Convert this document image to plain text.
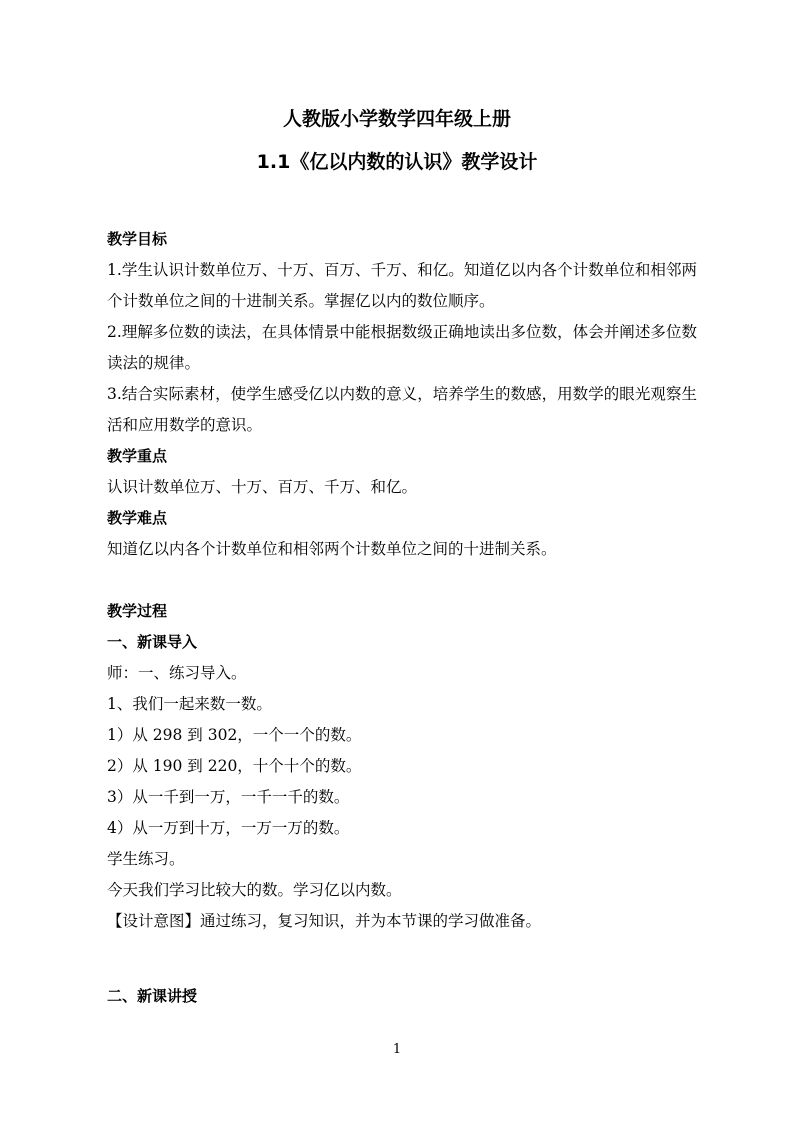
人教版小学数学四年级上册
1.1《亿以内数的认识》教学设计

教学目标

1.学生认识计数单位万、十万、百万、千万、和亿。知道亿以内各个计数单位和相邻两个计数单位之间的十进制关系。掌握亿以内的数位顺序。

2.理解多位数的读法，在具体情景中能根据数级正确地读出多位数，体会并阐述多位数读法的规律。

3.结合实际素材，使学生感受亿以内数的意义，培养学生的数感，用数学的眼光观察生活和应用数学的意识。

教学重点

认识计数单位万、十万、百万、千万、和亿。

教学难点

知道亿以内各个计数单位和相邻两个计数单位之间的十进制关系。

教学过程

一、新课导入

师：一、练习导入。

1、我们一起来数一数。

1）从 298 到 302，一个一个的数。

2）从 190 到 220，十个十个的数。

3）从一千到一万，一千一千的数。

4）从一万到十万，一万一万的数。

学生练习。

今天我们学习比较大的数。学习亿以内数。

【设计意图】通过练习，复习知识，并为本节课的学习做准备。

二、新课讲授

1
